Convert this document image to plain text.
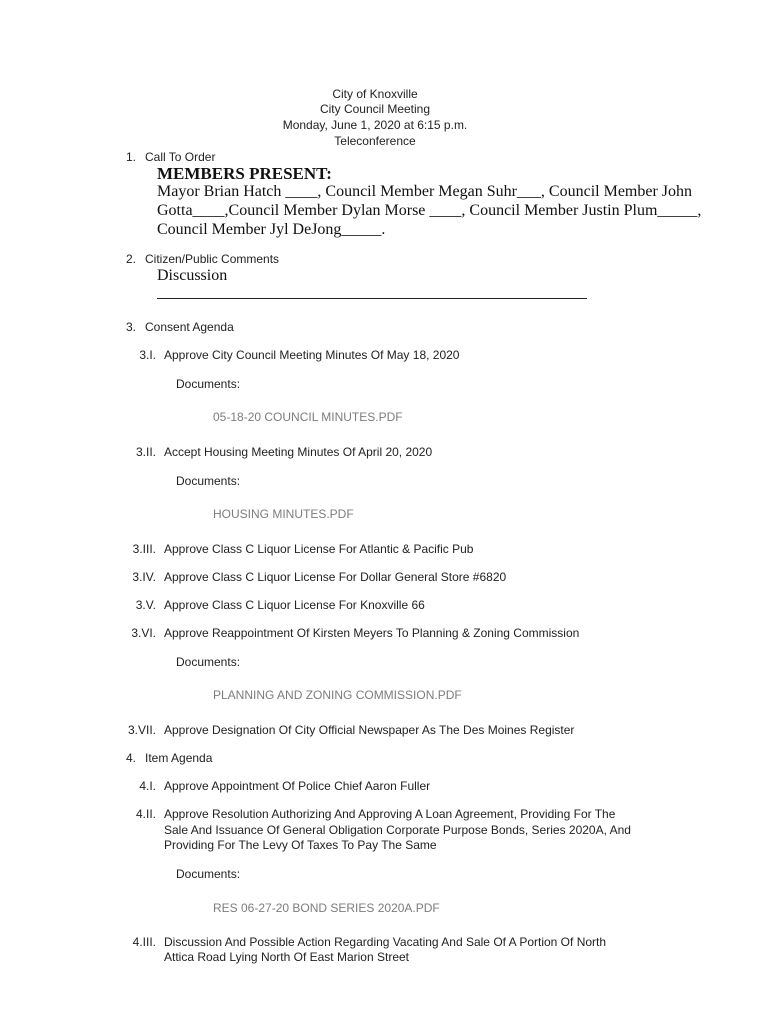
City of Knoxville
City Council Meeting
Monday, June 1, 2020 at 6:15 p.m.
Teleconference
1. Call To Order
MEMBERS PRESENT:
Mayor Brian Hatch ____, Council Member Megan Suhr___, Council Member John
Gotta____,Council Member Dylan Morse ____, Council Member Justin Plum_____,
Council Member Jyl DeJong_____.
2. Citizen/Public Comments
Discussion
3. Consent Agenda
3.I. Approve City Council Meeting Minutes Of May 18, 2020
Documents:
05-18-20 COUNCIL MINUTES.PDF
3.II. Accept Housing Meeting Minutes Of April 20, 2020
Documents:
HOUSING MINUTES.PDF
3.III. Approve Class C Liquor License For Atlantic & Pacific Pub
3.IV. Approve Class C Liquor License For Dollar General Store #6820
3.V. Approve Class C Liquor License For Knoxville 66
3.VI. Approve Reappointment Of Kirsten Meyers To Planning & Zoning Commission
Documents:
PLANNING AND ZONING COMMISSION.PDF
3.VII. Approve Designation Of City Official Newspaper As The Des Moines Register
4. Item Agenda
4.I. Approve Appointment Of Police Chief Aaron Fuller
4.II. Approve Resolution Authorizing And Approving A Loan Agreement, Providing For The
Sale And Issuance Of General Obligation Corporate Purpose Bonds, Series 2020A, And
Providing For The Levy Of Taxes To Pay The Same
Documents:
RES 06-27-20 BOND SERIES 2020A.PDF
4.III. Discussion And Possible Action Regarding Vacating And Sale Of A Portion Of North
Attica Road Lying North Of East Marion Street
